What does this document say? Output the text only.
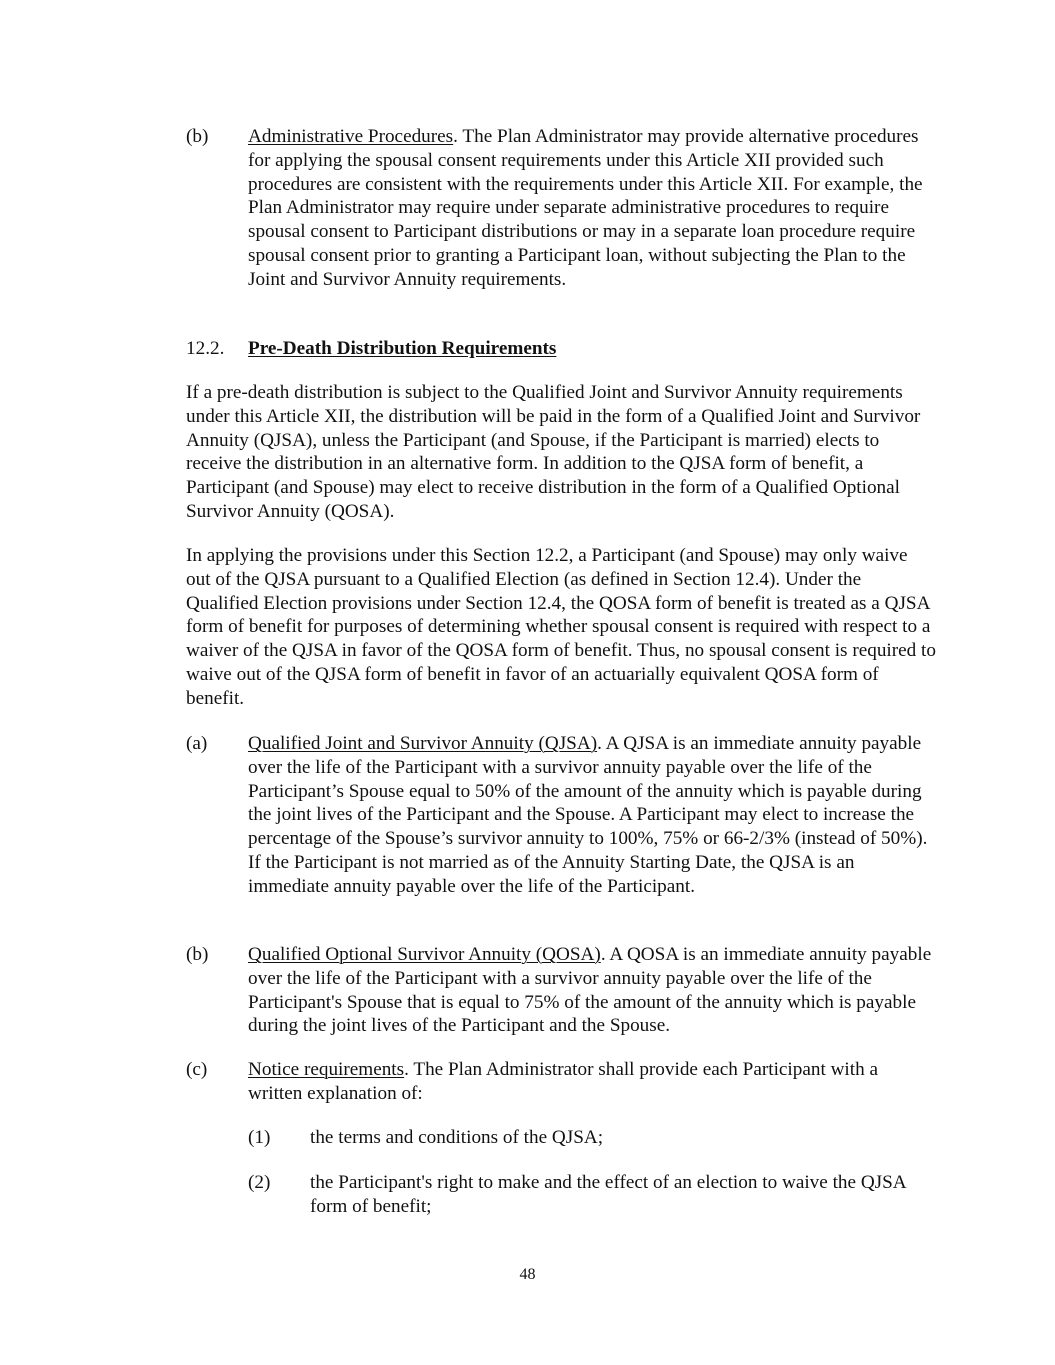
(b) Administrative Procedures. The Plan Administrator may provide alternative procedures for applying the spousal consent requirements under this Article XII provided such procedures are consistent with the requirements under this Article XII. For example, the Plan Administrator may require under separate administrative procedures to require spousal consent to Participant distributions or may in a separate loan procedure require spousal consent prior to granting a Participant loan, without subjecting the Plan to the Joint and Survivor Annuity requirements.
12.2. Pre-Death Distribution Requirements
If a pre-death distribution is subject to the Qualified Joint and Survivor Annuity requirements under this Article XII, the distribution will be paid in the form of a Qualified Joint and Survivor Annuity (QJSA), unless the Participant (and Spouse, if the Participant is married) elects to receive the distribution in an alternative form. In addition to the QJSA form of benefit, a Participant (and Spouse) may elect to receive distribution in the form of a Qualified Optional Survivor Annuity (QOSA).
In applying the provisions under this Section 12.2, a Participant (and Spouse) may only waive out of the QJSA pursuant to a Qualified Election (as defined in Section 12.4). Under the Qualified Election provisions under Section 12.4, the QOSA form of benefit is treated as a QJSA form of benefit for purposes of determining whether spousal consent is required with respect to a waiver of the QJSA in favor of the QOSA form of benefit. Thus, no spousal consent is required to waive out of the QJSA form of benefit in favor of an actuarially equivalent QOSA form of benefit.
(a) Qualified Joint and Survivor Annuity (QJSA). A QJSA is an immediate annuity payable over the life of the Participant with a survivor annuity payable over the life of the Participant’s Spouse equal to 50% of the amount of the annuity which is payable during the joint lives of the Participant and the Spouse. A Participant may elect to increase the percentage of the Spouse’s survivor annuity to 100%, 75% or 66-2/3% (instead of 50%). If the Participant is not married as of the Annuity Starting Date, the QJSA is an immediate annuity payable over the life of the Participant.
(b) Qualified Optional Survivor Annuity (QOSA). A QOSA is an immediate annuity payable over the life of the Participant with a survivor annuity payable over the life of the Participant's Spouse that is equal to 75% of the amount of the annuity which is payable during the joint lives of the Participant and the Spouse.
(c) Notice requirements. The Plan Administrator shall provide each Participant with a written explanation of:
(1) the terms and conditions of the QJSA;
(2) the Participant's right to make and the effect of an election to waive the QJSA form of benefit;
48
